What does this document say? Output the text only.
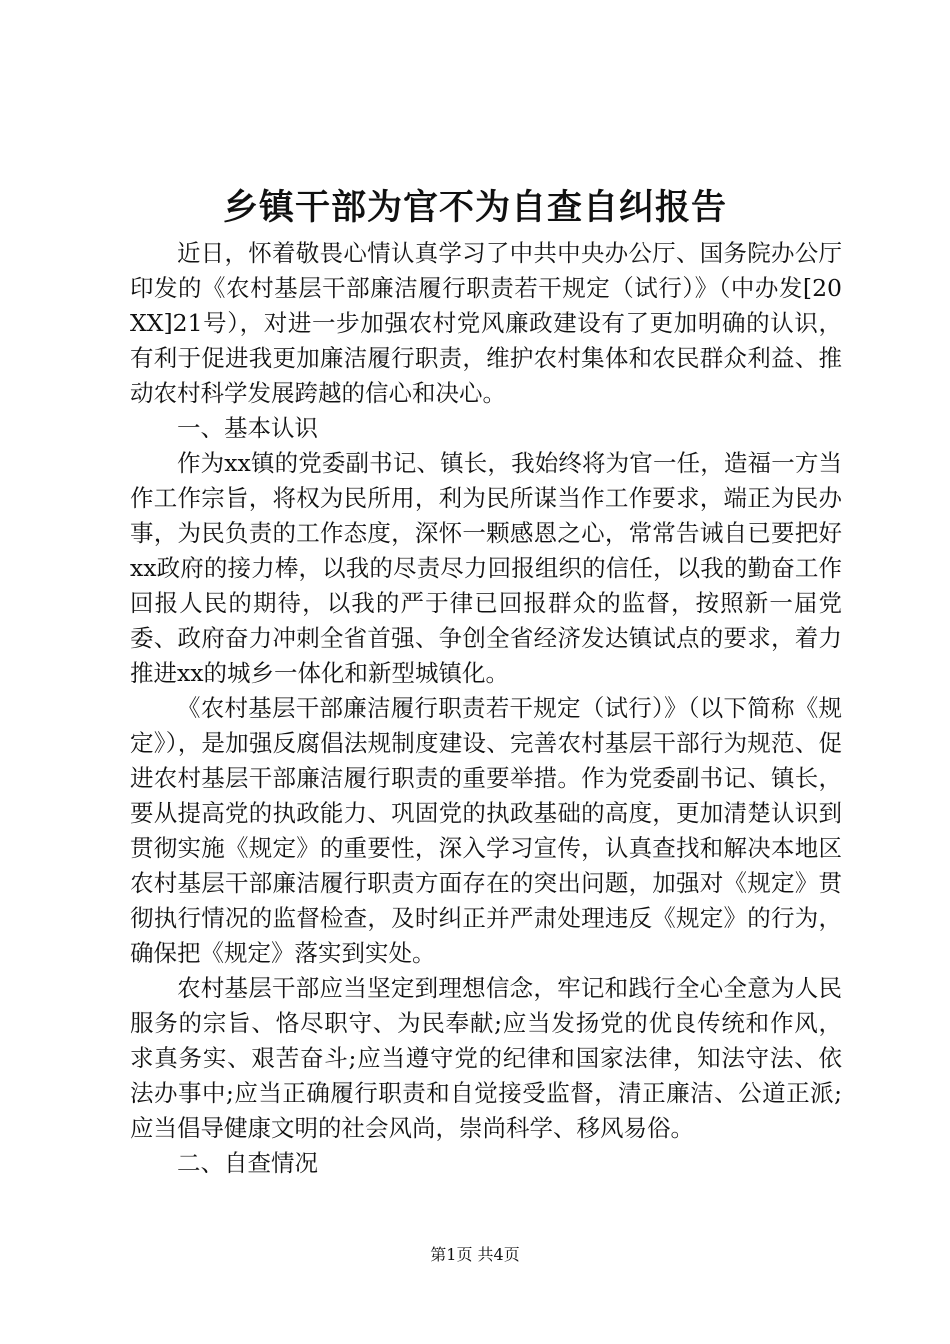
乡镇干部为官不为自查自纠报告

近日，怀着敬畏心情认真学习了中共中央办公厅、国务院办公厅印发的《农村基层干部廉洁履行职责若干规定（试行）》（中办发[20XX]21号），对进一步加强农村党风廉政建设有了更加明确的认识，有利于促进我更加廉洁履行职责，维护农村集体和农民群众利益、推动农村科学发展跨越的信心和决心。

一、基本认识

作为xx镇的党委副书记、镇长，我始终将为官一任，造福一方当作工作宗旨，将权为民所用，利为民所谋当作工作要求，端正为民办事，为民负责的工作态度，深怀一颗感恩之心，常常告诫自已要把好xx政府的接力棒，以我的尽责尽力回报组织的信任，以我的勤奋工作回报人民的期待，以我的严于律已回报群众的监督，按照新一届党委、政府奋力冲刺全省首强、争创全省经济发达镇试点的要求，着力推进xx的城乡一体化和新型城镇化。

《农村基层干部廉洁履行职责若干规定（试行）》（以下简称《规定》），是加强反腐倡法规制度建设、完善农村基层干部行为规范、促进农村基层干部廉洁履行职责的重要举措。作为党委副书记、镇长，要从提高党的执政能力、巩固党的执政基础的高度，更加清楚认识到贯彻实施《规定》的重要性，深入学习宣传，认真查找和解决本地区农村基层干部廉洁履行职责方面存在的突出问题，加强对《规定》贯彻执行情况的监督检查，及时纠正并严肃处理违反《规定》的行为，确保把《规定》落实到实处。

农村基层干部应当坚定到理想信念，牢记和践行全心全意为人民服务的宗旨、恪尽职守、为民奉献;应当发扬党的优良传统和作风，求真务实、艰苦奋斗;应当遵守党的纪律和国家法律，知法守法、依法办事中;应当正确履行职责和自觉接受监督，清正廉洁、公道正派;应当倡导健康文明的社会风尚，崇尚科学、移风易俗。

二、自查情况

第1页 共4页
